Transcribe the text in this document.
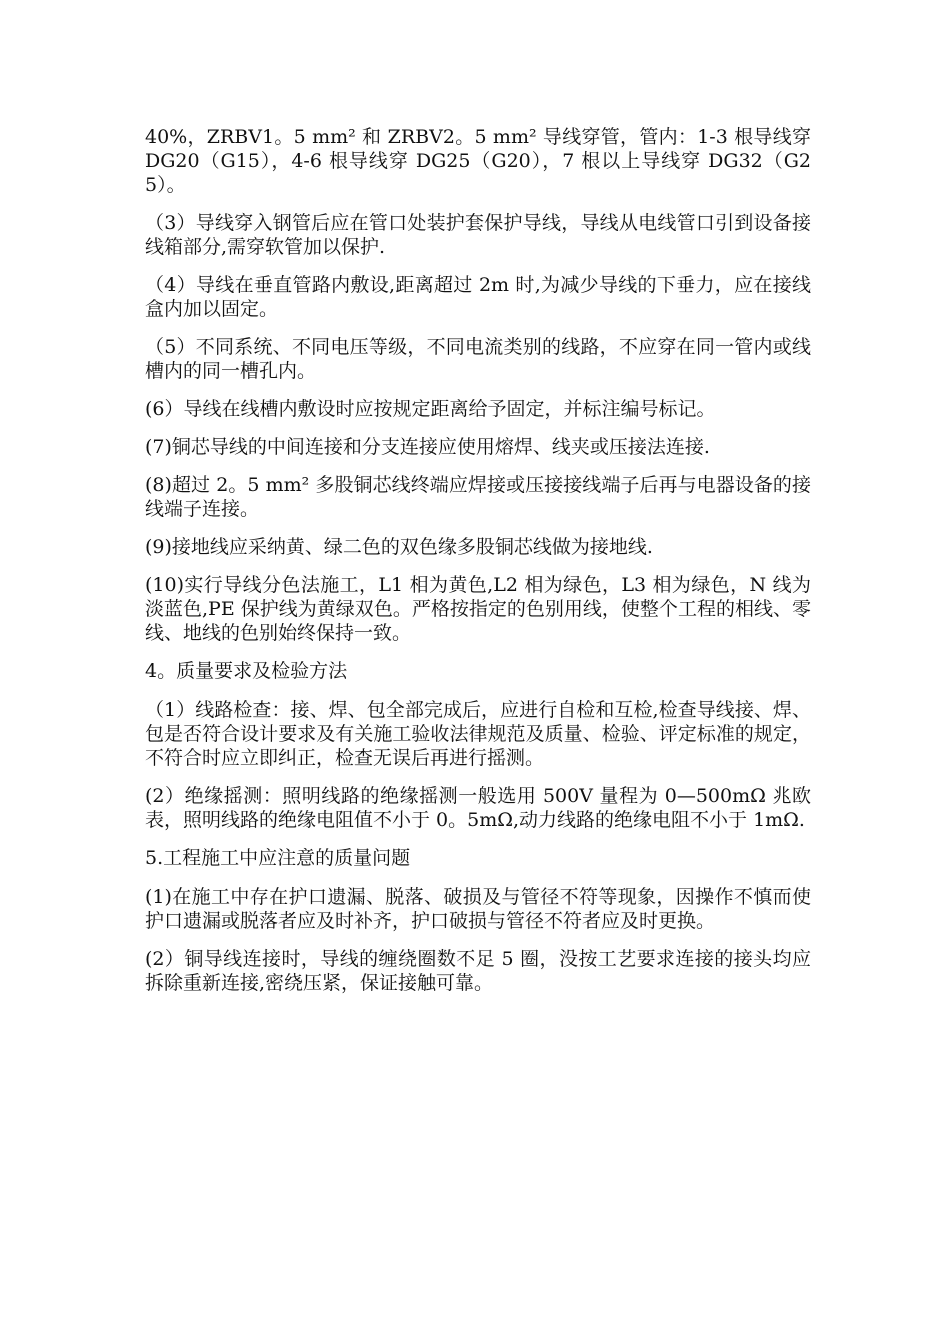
40%，ZRBV1。5 mm² 和 ZRBV2。5 mm² 导线穿管，管内：1-3 根导线穿 DG20（G15），4-6 根导线穿 DG25（G20），7 根以上导线穿 DG32（G25）。

（3）导线穿入钢管后应在管口处装护套保护导线，导线从电线管口引到设备接线箱部分,需穿软管加以保护.

（4）导线在垂直管路内敷设,距离超过 2m 时,为减少导线的下垂力，应在接线盒内加以固定。

（5）不同系统、不同电压等级，不同电流类别的线路，不应穿在同一管内或线槽内的同一槽孔内。

(6）导线在线槽内敷设时应按规定距离给予固定，并标注编号标记。

(7)铜芯导线的中间连接和分支连接应使用熔焊、线夹或压接法连接.

(8)超过 2。5 mm² 多股铜芯线终端应焊接或压接接线端子后再与电器设备的接线端子连接。

(9)接地线应采纳黄、绿二色的双色缘多股铜芯线做为接地线.

(10)实行导线分色法施工，L1 相为黄色,L2 相为绿色，L3 相为绿色，N 线为淡蓝色,PE 保护线为黄绿双色。严格按指定的色别用线，使整个工程的相线、零线、地线的色别始终保持一致。

4。质量要求及检验方法

（1）线路检查：接、焊、包全部完成后，应进行自检和互检,检查导线接、焊、包是否符合设计要求及有关施工验收法律规范及质量、检验、评定标准的规定，不符合时应立即纠正，检查无误后再进行摇测。

(2）绝缘摇测：照明线路的绝缘摇测一般选用 500V 量程为 0—500mΩ 兆欧表，照明线路的绝缘电阻值不小于 0。5mΩ,动力线路的绝缘电阻不小于 1mΩ.

5.工程施工中应注意的质量问题

(1)在施工中存在护口遗漏、脱落、破损及与管径不符等现象，因操作不慎而使护口遗漏或脱落者应及时补齐，护口破损与管径不符者应及时更换。

(2）铜导线连接时，导线的缠绕圈数不足 5 圈，没按工艺要求连接的接头均应拆除重新连接,密绕压紧，保证接触可靠。
